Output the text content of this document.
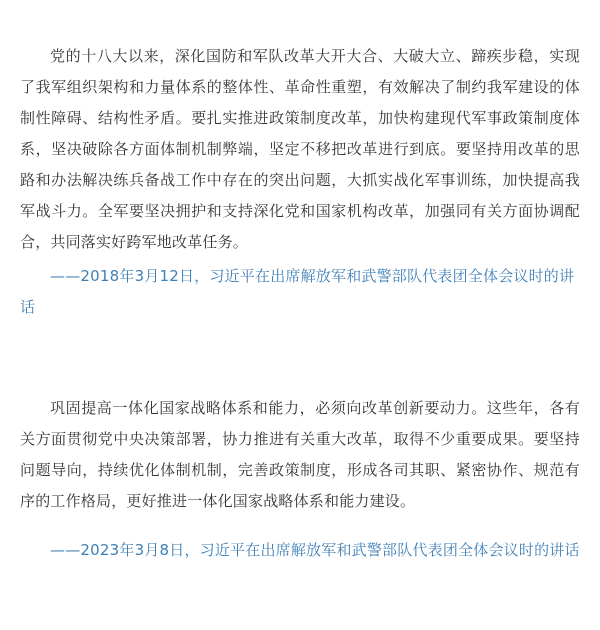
党的十八大以来，深化国防和军队改革大开大合、大破大立、蹄疾步稳，实现了我军组织架构和力量体系的整体性、革命性重塑，有效解决了制约我军建设的体制性障碍、结构性矛盾。要扎实推进政策制度改革，加快构建现代军事政策制度体系，坚决破除各方面体制机制弊端，坚定不移把改革进行到底。要坚持用改革的思路和办法解决练兵备战工作中存在的突出问题，大抓实战化军事训练，加快提高我军战斗力。全军要坚决拥护和支持深化党和国家机构改革，加强同有关方面协调配合，共同落实好跨军地改革任务。

——2018年3月12日，习近平在出席解放军和武警部队代表团全体会议时的讲话

巩固提高一体化国家战略体系和能力，必须向改革创新要动力。这些年，各有关方面贯彻党中央决策部署，协力推进有关重大改革，取得不少重要成果。要坚持问题导向，持续优化体制机制，完善政策制度，形成各司其职、紧密协作、规范有序的工作格局，更好推进一体化国家战略体系和能力建设。

——2023年3月8日，习近平在出席解放军和武警部队代表团全体会议时的讲话
